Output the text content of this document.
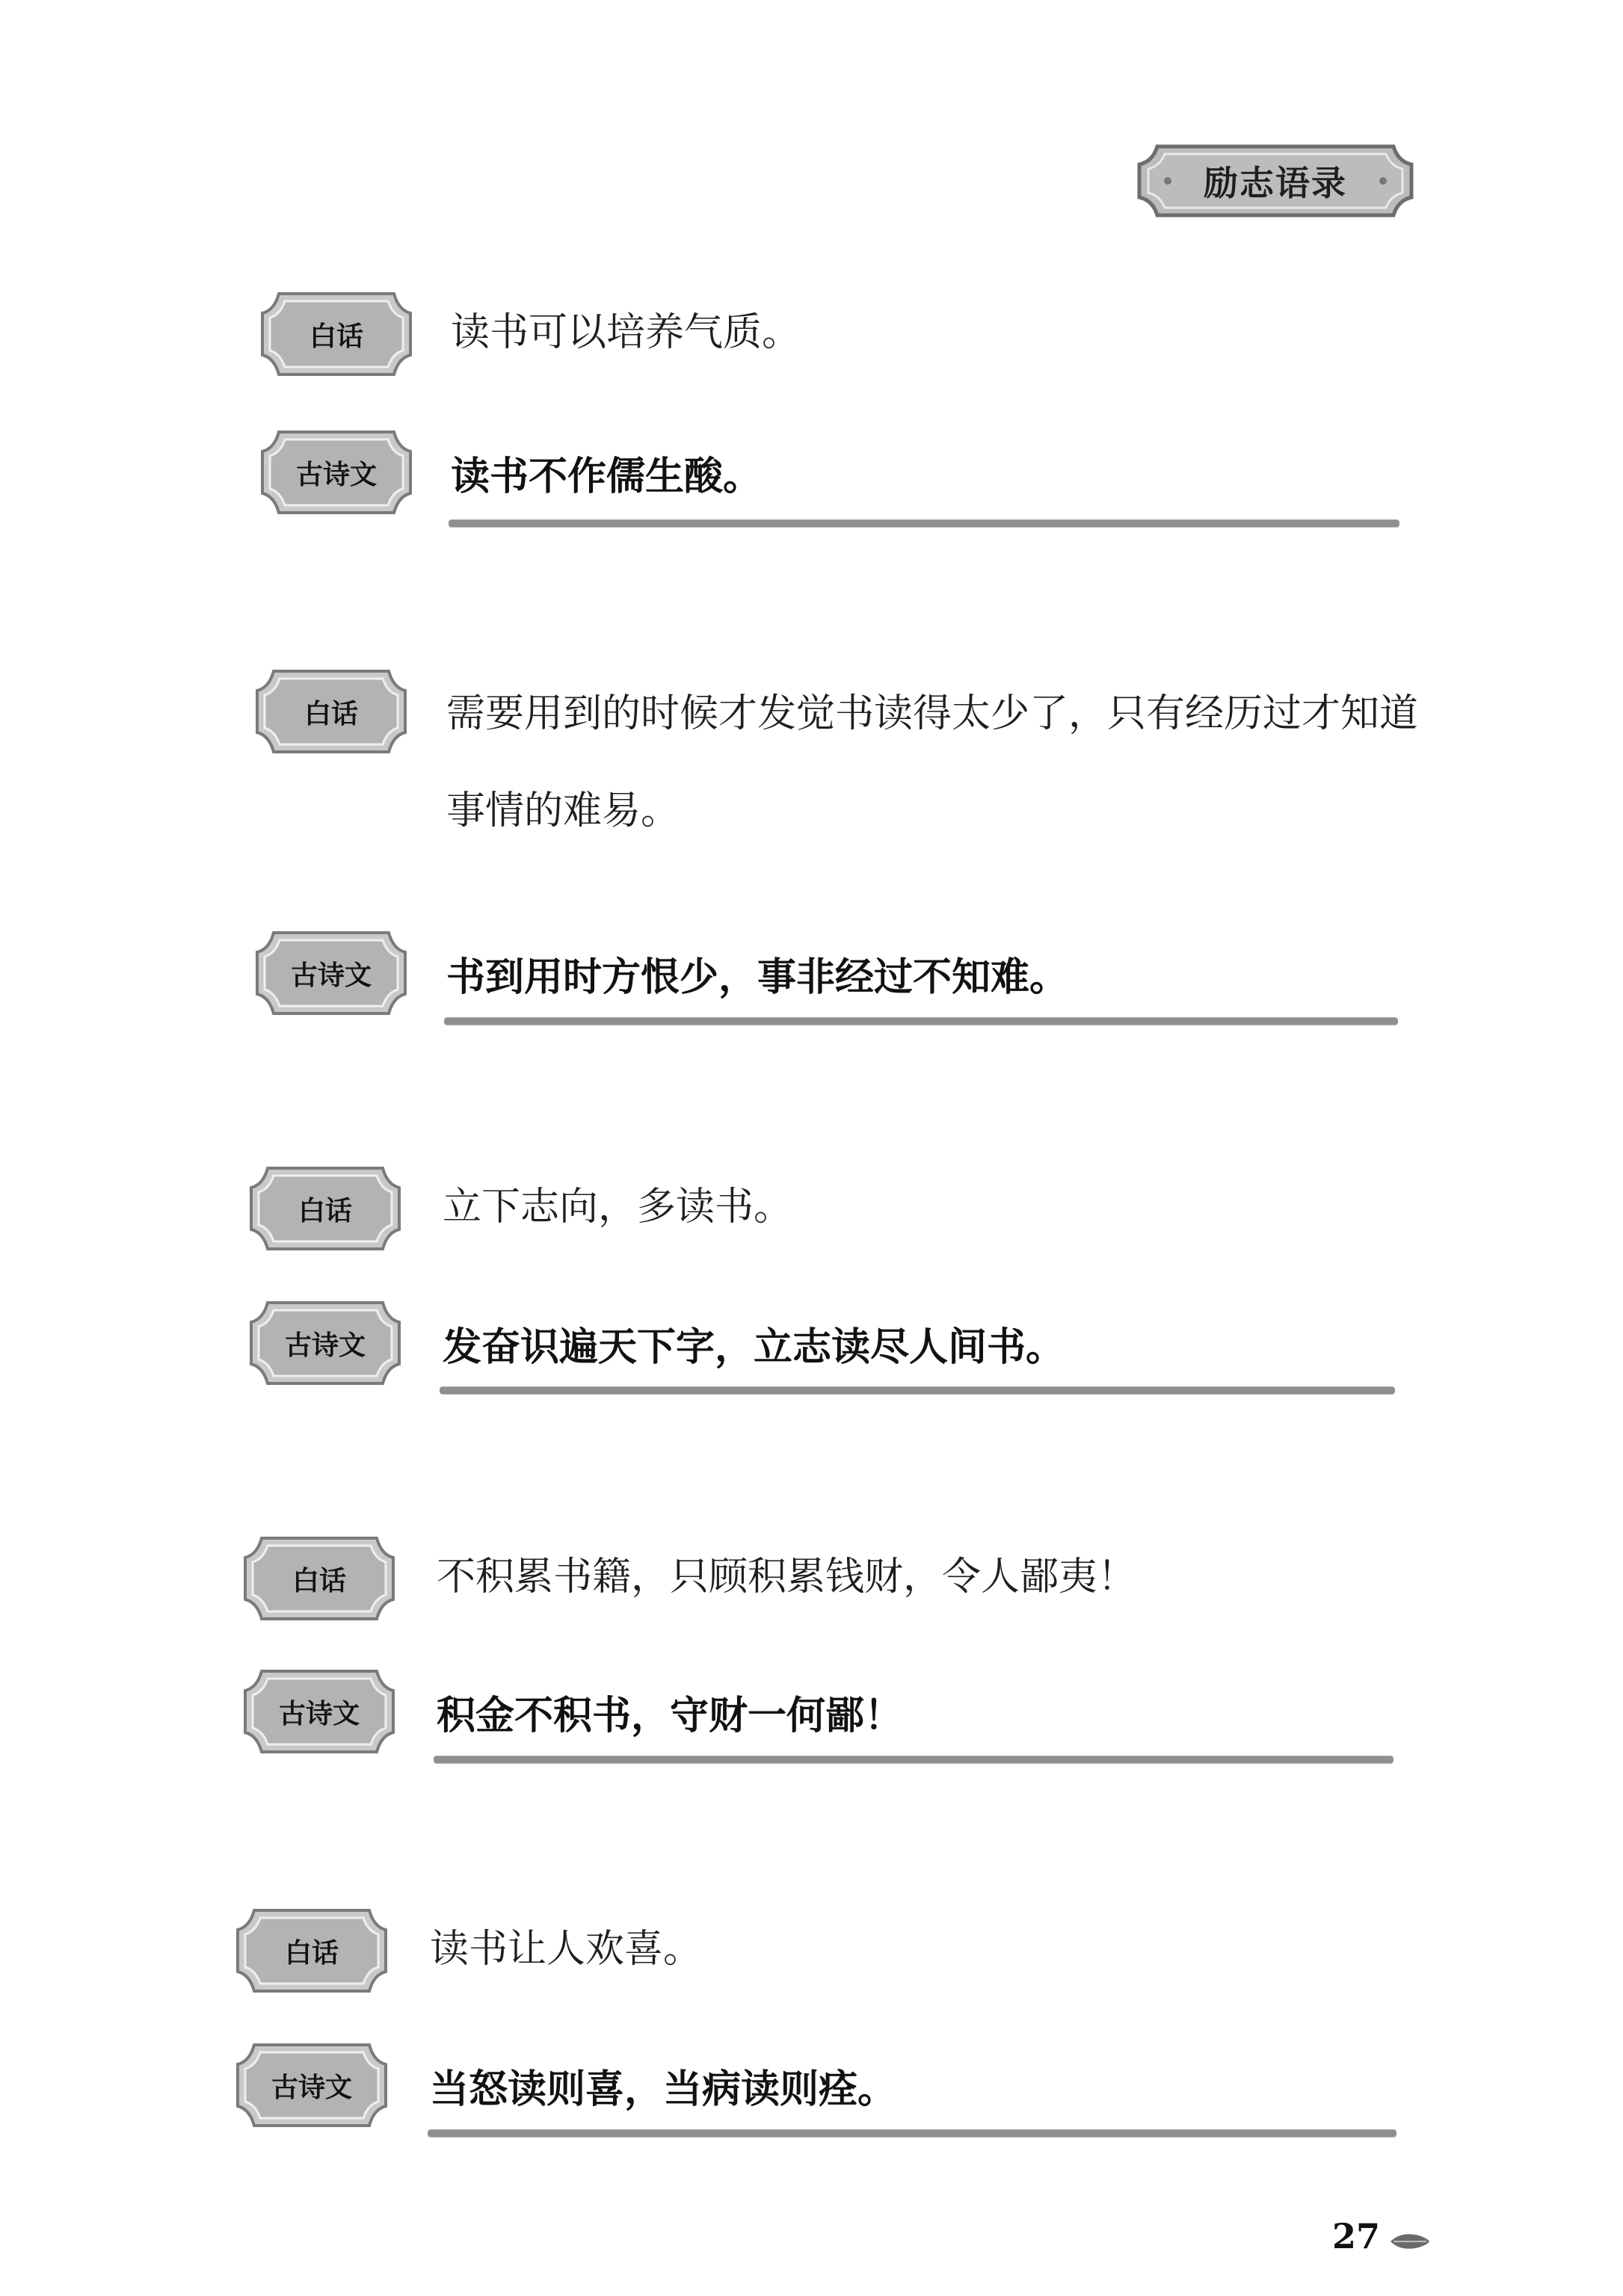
励志语录
白话	读书可以培养气质。
古诗文	读书不作儒生酸。
白话	需要用到的时候才发觉书读得太少了，只有经历过才知道事情的难易。
古诗文	书到用时方恨少，事非经过不知难。
白话	立下志向，多读书。
古诗文	发奋识遍天下字，立志读尽人间书。
白话	不积累书籍，只顾积累钱财，令人鄙夷！
古诗文	积金不积书，守财一何鄙！
白话	读书让人欢喜。
古诗文	当怒读则喜，当病读则痊。
27
